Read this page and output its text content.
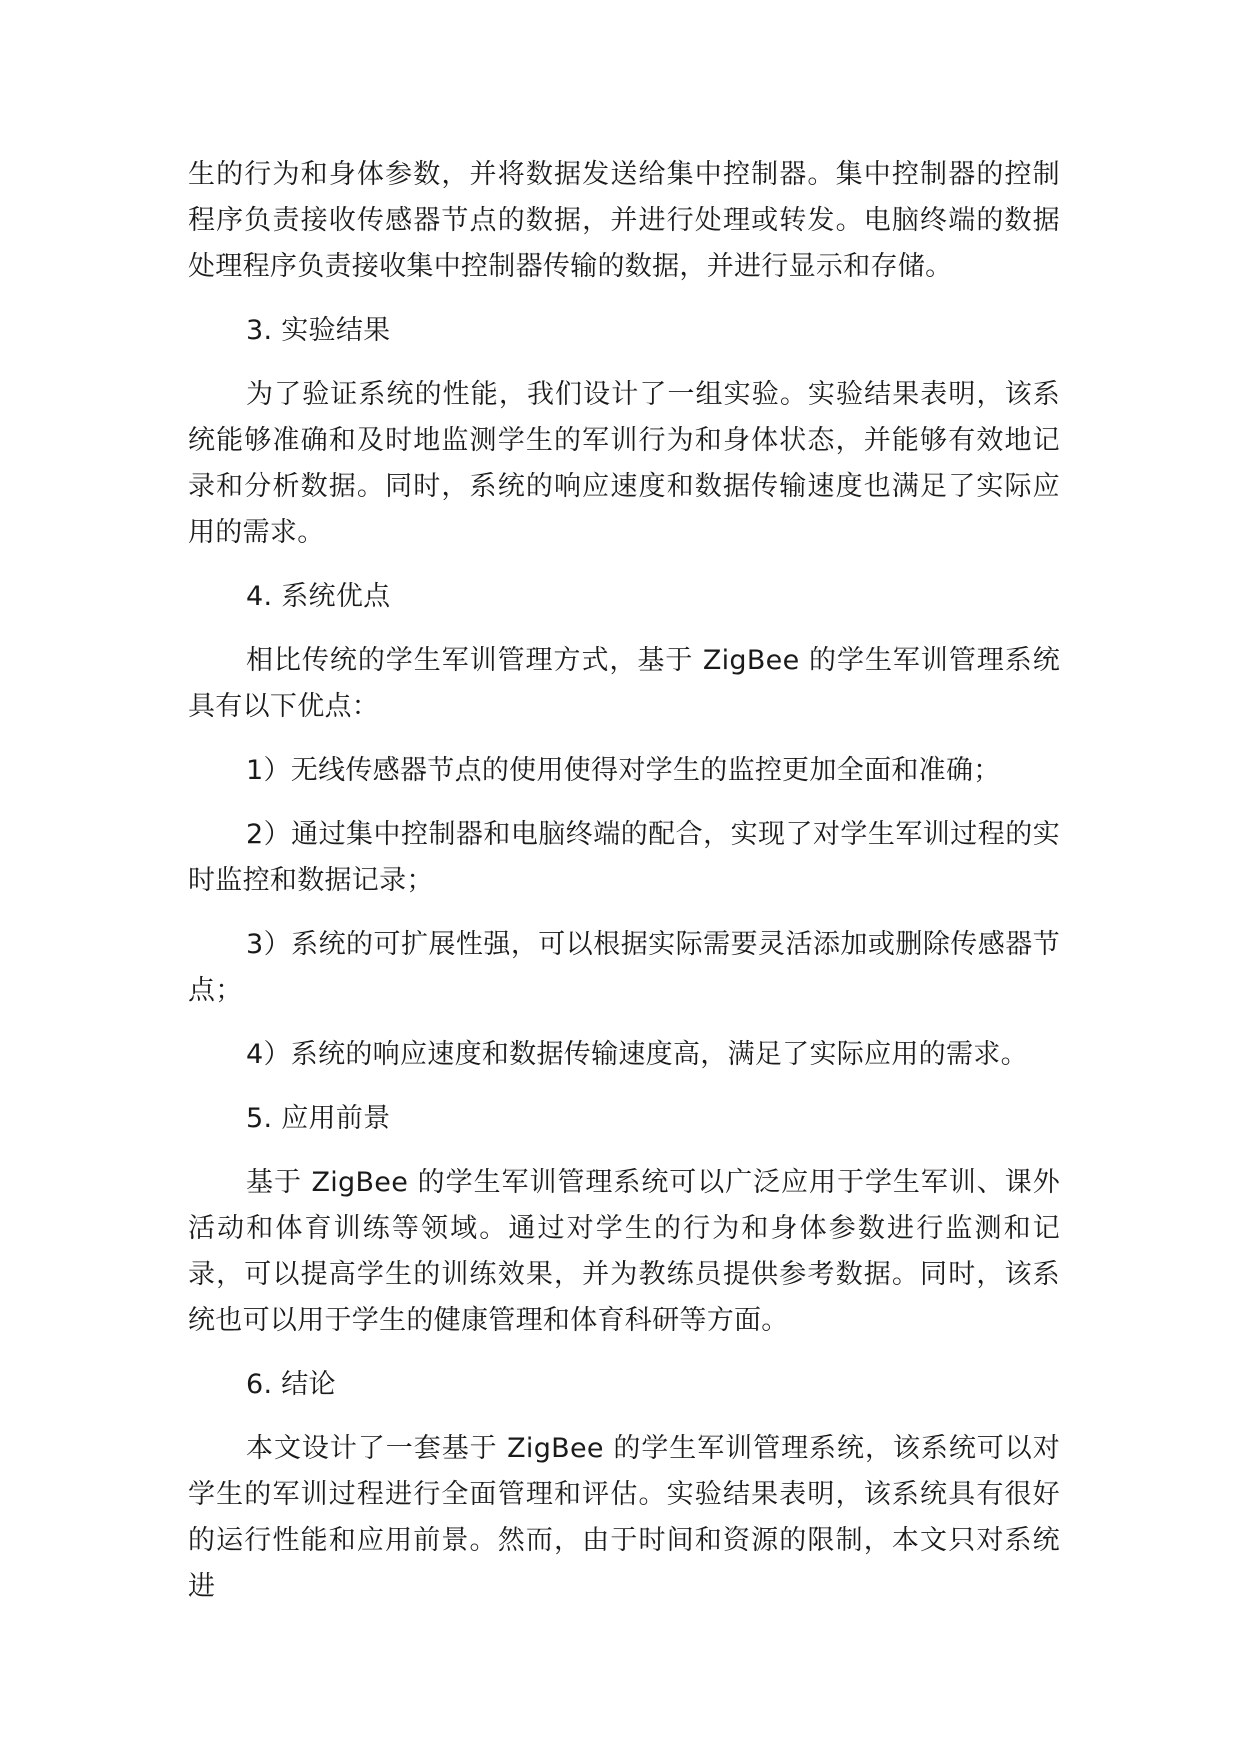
生的行为和身体参数，并将数据发送给集中控制器。集中控制器的控制程序负责接收传感器节点的数据，并进行处理或转发。电脑终端的数据处理程序负责接收集中控制器传输的数据，并进行显示和存储。

3. 实验结果

为了验证系统的性能，我们设计了一组实验。实验结果表明，该系统能够准确和及时地监测学生的军训行为和身体状态，并能够有效地记录和分析数据。同时，系统的响应速度和数据传输速度也满足了实际应用的需求。

4. 系统优点

相比传统的学生军训管理方式，基于 ZigBee 的学生军训管理系统具有以下优点：

1）无线传感器节点的使用使得对学生的监控更加全面和准确；

2）通过集中控制器和电脑终端的配合，实现了对学生军训过程的实时监控和数据记录；

3）系统的可扩展性强，可以根据实际需要灵活添加或删除传感器节点；

4）系统的响应速度和数据传输速度高，满足了实际应用的需求。

5. 应用前景

基于 ZigBee 的学生军训管理系统可以广泛应用于学生军训、课外活动和体育训练等领域。通过对学生的行为和身体参数进行监测和记录，可以提高学生的训练效果，并为教练员提供参考数据。同时，该系统也可以用于学生的健康管理和体育科研等方面。

6. 结论

本文设计了一套基于 ZigBee 的学生军训管理系统，该系统可以对学生的军训过程进行全面管理和评估。实验结果表明，该系统具有很好的运行性能和应用前景。然而，由于时间和资源的限制，本文只对系统进
